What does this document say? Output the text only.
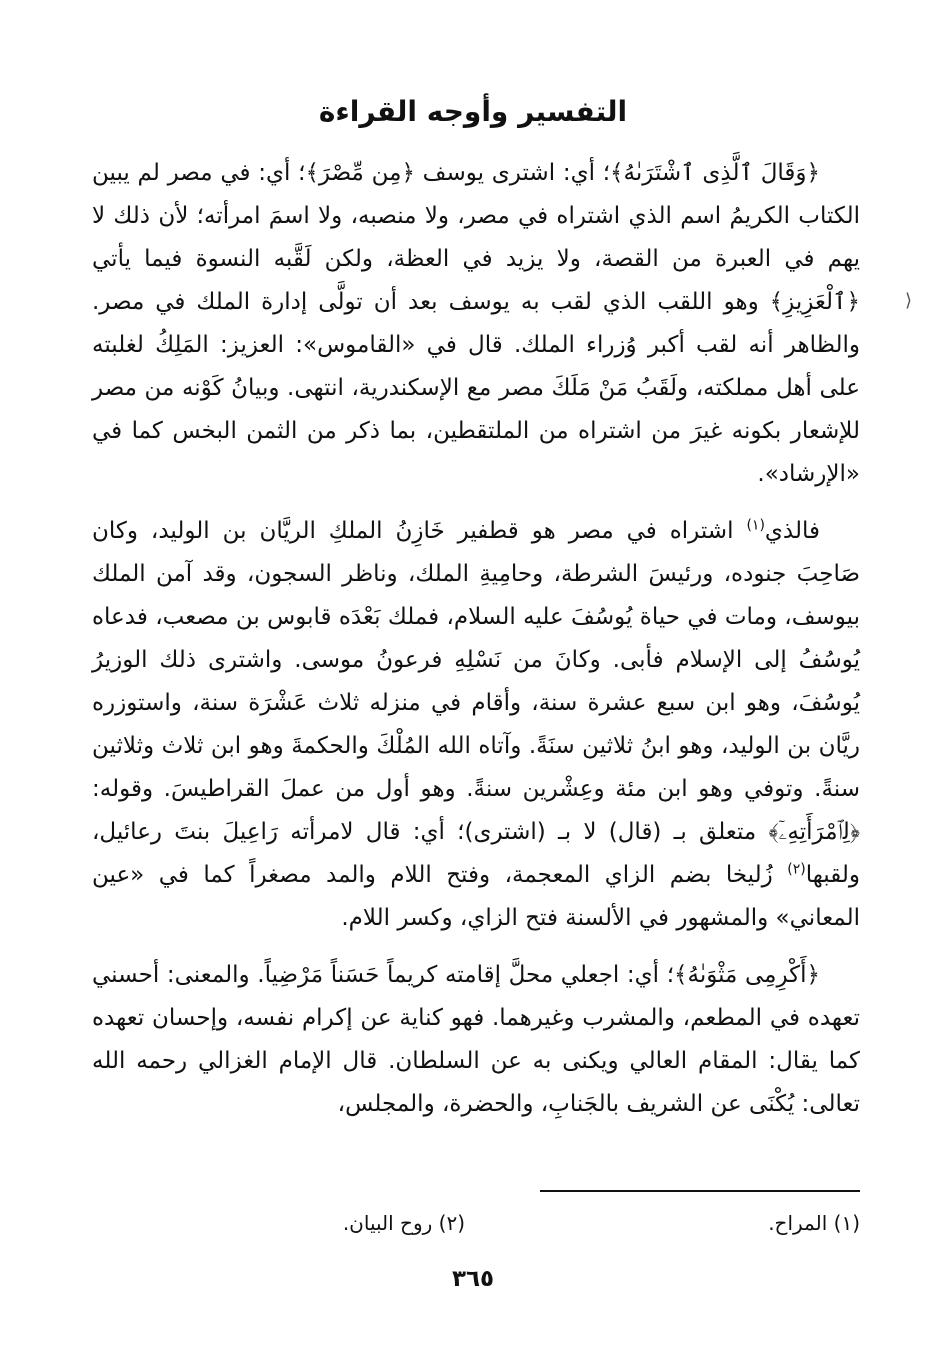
التفسير وأوجه القراءة
⟨

﴿وَقَالَ ٱلَّذِى ٱشْتَرَىٰهُ﴾؛ أي: اشترى يوسف ﴿مِن مِّصْرَ﴾؛ أي: في مصر لم يبين الكتاب الكريمُ اسم الذي اشتراه في مصر، ولا منصبه، ولا اسمَ امرأته؛ لأن ذلك لا يهم في العبرة من القصة، ولا يزيد في العظة، ولكن لَقَّبه النسوة فيما يأتي ﴿ٱلْعَزِيزِ﴾ وهو اللقب الذي لقب به يوسف بعد أن تولَّى إدارة الملك في مصر. والظاهر أنه لقب أكبر وُزراء الملك. قال في «القاموس»: العزيز: المَلِكُ لغلبته على أهل مملكته، ولَقَبُ مَنْ مَلَكَ مصر مع الإسكندرية، انتهى. وبيانُ كَوْنه من مصر للإشعار بكونه غيرَ من اشتراه من الملتقطين، بما ذكر من الثمن البخس كما في «الإرشاد».

فالذي$^{(١)}$ اشتراه في مصر هو قطفير خَازِنُ الملكِ الريَّان بن الوليد، وكان صَاحِبَ جنوده، ورئيسَ الشرطة، وحامِيةِ الملك، وناظر السجون، وقد آمن الملك بيوسف، ومات في حياة يُوسُفَ عليه السلام، فملك بَعْدَه قابوس بن مصعب، فدعاه يُوسُفُ إلى الإسلام فأبى. وكانَ من نَسْلِهِ فرعونُ موسى. واشترى ذلك الوزيرُ يُوسُفَ، وهو ابن سبع عشرة سنة، وأقام في منزله ثلاث عَشْرَة سنة، واستوزره ريَّان بن الوليد، وهو ابنُ ثلاثين سنَةً. وآتاه الله المُلْكَ والحكمةَ وهو ابن ثلاث وثلاثين سنةً. وتوفي وهو ابن مئة وعِشْرين سنةً. وهو أول من عملَ القراطيسَ. وقوله: ﴿لِٱمْرَأَتِهِۦٓ﴾ متعلق بـ (قال) لا بـ (اشترى)؛ أي: قال لامرأته رَاعِيلَ بنتَ رعائيل، ولقبها$^{(٢)}$ زُليخا بضم الزاي المعجمة، وفتح اللام والمد مصغراً كما في «عين المعاني» والمشهور في الألسنة فتح الزاي، وكسر اللام.

﴿أَكْرِمِى مَثْوَىٰهُ﴾؛ أي: اجعلي محلَّ إقامته كريماً حَسَناً مَرْضِياً. والمعنى: أحسني تعهده في المطعم، والمشرب وغيرهما. فهو كناية عن إكرام نفسه، وإحسان تعهده كما يقال: المقام العالي ويكنى به عن السلطان. قال الإمام الغزالي رحمه الله تعالى: يُكْنَى عن الشريف بالجَنابِ، والحضرة، والمجلس،

(١) المراح.
(٢) روح البيان.
٣٦٥
